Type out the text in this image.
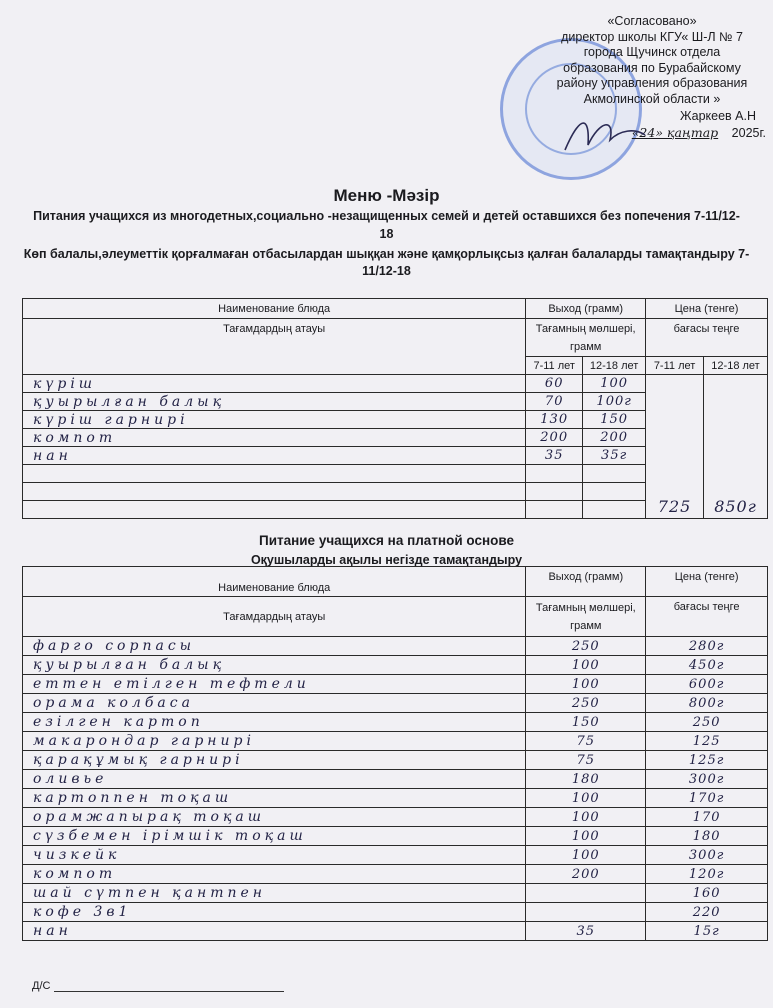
«Согласовано»
директор школы КГУ« Ш-Л № 7
города Щучинск отдела
образования по Бурабайскому
району управления образования
Акмолинской области »
Жаркеев А.Н
«24» қаңтар 2025г.
Меню -Мәзір
Питания учащихся из многодетных,социально -незащищенных семей и детей оставшихся без попечения 7-11/12-18
Көп балалы,әлеуметтік қорғалмаған отбасылардан шыққан және қамқорлықсыз қалған балаларды тамақтандыру 7-11/12-18
Наименование блюда	Выход (грамм)		Цена (тенге)	
Тағамдардың атауы	Тағамның мөлшері, грамм		бағасы теңге	
	7-11 лет	12-18 лет	7-11 лет	12-18 лет
күріш	60	100	725	850г
қуырылған балық	70	100г		
күріш гарнирі	130	150		
компот	200	200		
нан	35	35г		

Питание учащихся на платной основе
Оқушыларды ақылы негізде тамақтандыру
Наименование блюда	Выход (грамм)	Цена (тенге)
Тағамдардың атауы	Тағамның мөлшері, грамм	бағасы теңге
фарго сорпасы	250	280г
қуырылған балық	100	450г
еттен етілген тефтели	100	600г
орама колбаса	250	800г
езілген картоп	150	250
макарондар гарнирі	75	125
қарақұмық гарнирі	75	125г
оливье	180	300г
картоппен тоқаш	100	170г
орамжапырақ тоқаш	100	170
сүзбемен ірімшік тоқаш	100	180
чизкейк	100	300г
компот	200	120г
шай сүтпен қантпен		160
кофе 3в1		220
нан	35	15г
Д/С
